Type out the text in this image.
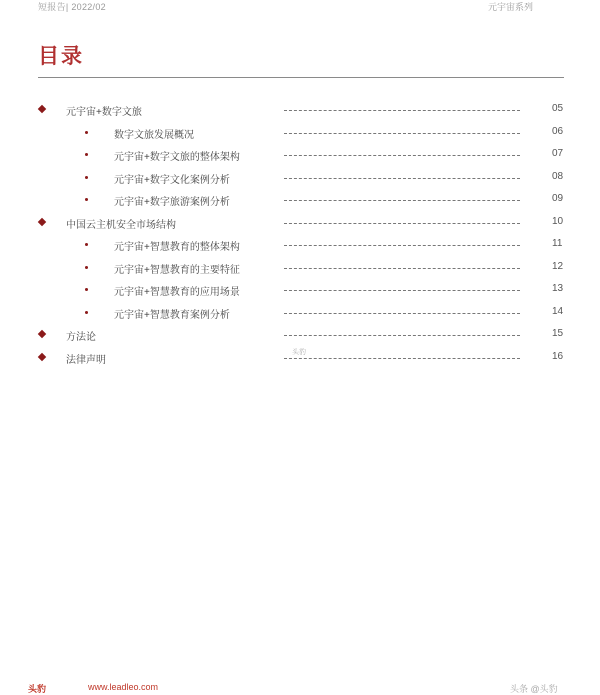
短报告| 2022/02	元宇宙系列
目录
元宇宙+数字文旅	05
数字文旅发展概况	06
元宇宙+数字文旅的整体架构	07
元宇宙+数字文化案例分析	08
元宇宙+数字旅游案例分析	09
中国云主机安全市场结构	10
元宇宙+智慧教育的整体架构	11
元宇宙+智慧教育的主要特征	12
元宇宙+智慧教育的应用场景	13
元宇宙+智慧教育案例分析	14
方法论	15
法律声明	16
头豹
头豹	www.leadleo.com	头条 @头豹
